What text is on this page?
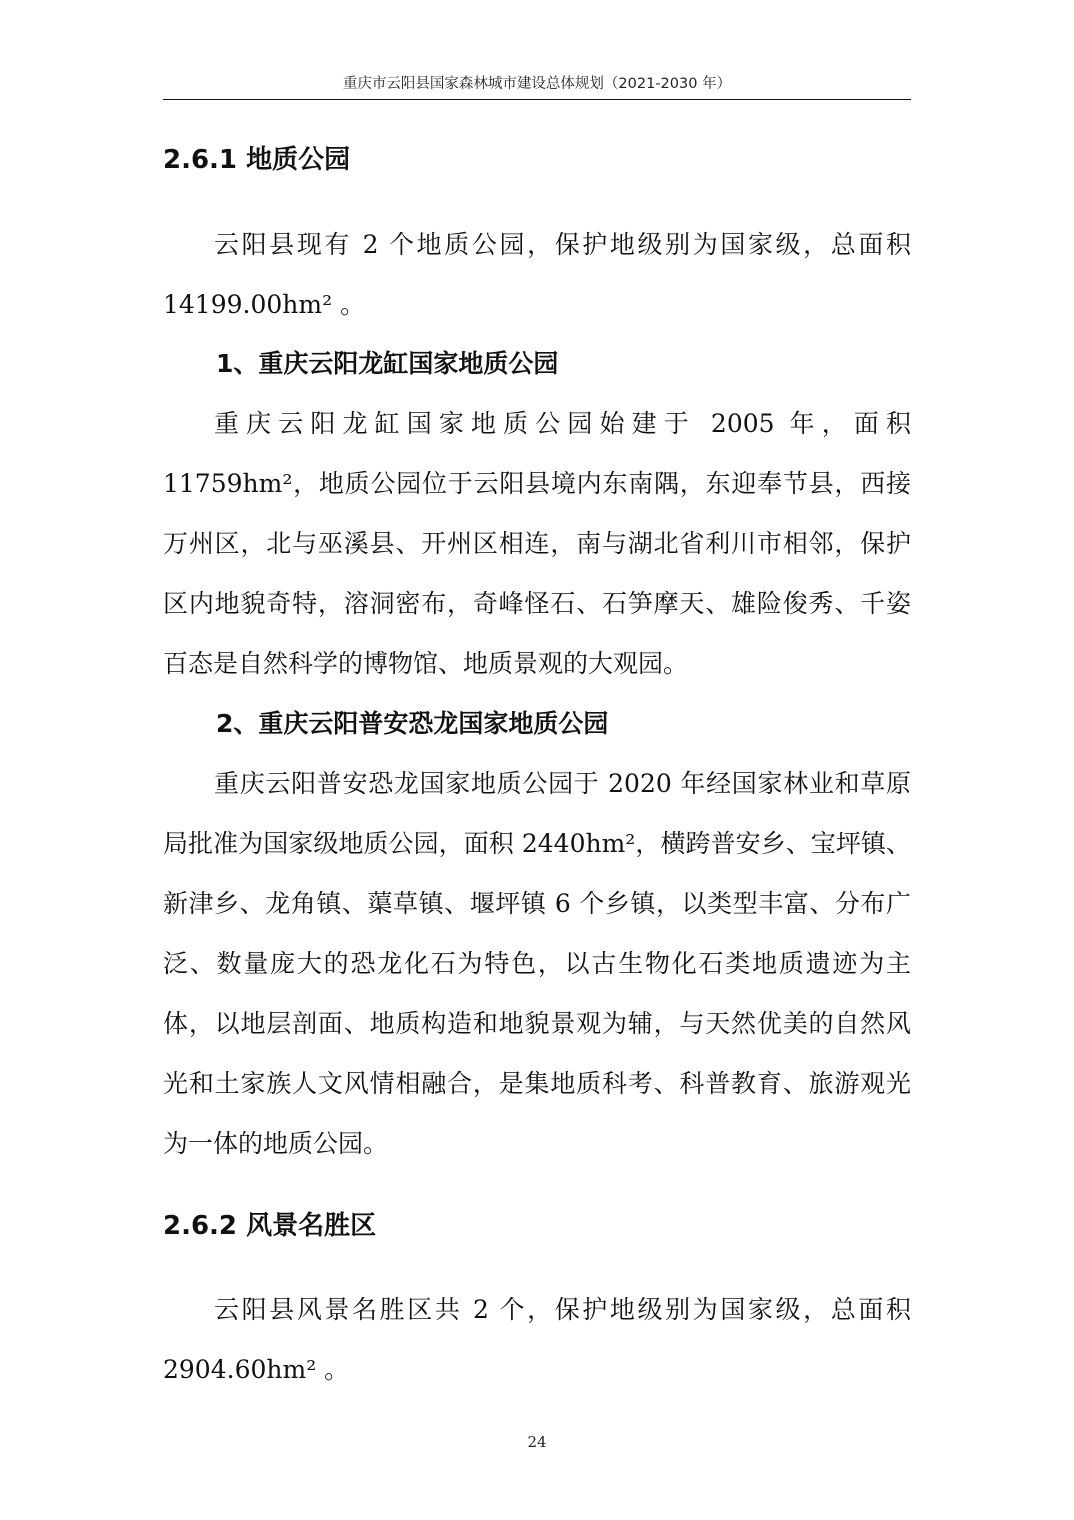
重庆市云阳县国家森林城市建设总体规划（2021-2030 年）
2.6.1 地质公园

云阳县现有 2 个地质公园，保护地级别为国家级，总面积 14199.00hm² 。

1、重庆云阳龙缸国家地质公园

重庆云阳龙缸国家地质公园始建于 2005 年，面积 11759hm²，地质公园位于云阳县境内东南隅，东迎奉节县，西接万州区，北与巫溪县、开州区相连，南与湖北省利川市相邻，保护区内地貌奇特，溶洞密布，奇峰怪石、石笋摩天、雄险俊秀、千姿百态是自然科学的博物馆、地质景观的大观园。

2、重庆云阳普安恐龙国家地质公园

重庆云阳普安恐龙国家地质公园于 2020 年经国家林业和草原局批准为国家级地质公园，面积 2440hm²，横跨普安乡、宝坪镇、新津乡、龙角镇、蕖草镇、堰坪镇 6 个乡镇，以类型丰富、分布广泛、数量庞大的恐龙化石为特色，以古生物化石类地质遗迹为主体，以地层剖面、地质构造和地貌景观为辅，与天然优美的自然风光和土家族人文风情相融合，是集地质科考、科普教育、旅游观光为一体的地质公园。

2.6.2 风景名胜区

云阳县风景名胜区共 2 个，保护地级别为国家级，总面积 2904.60hm² 。

24
